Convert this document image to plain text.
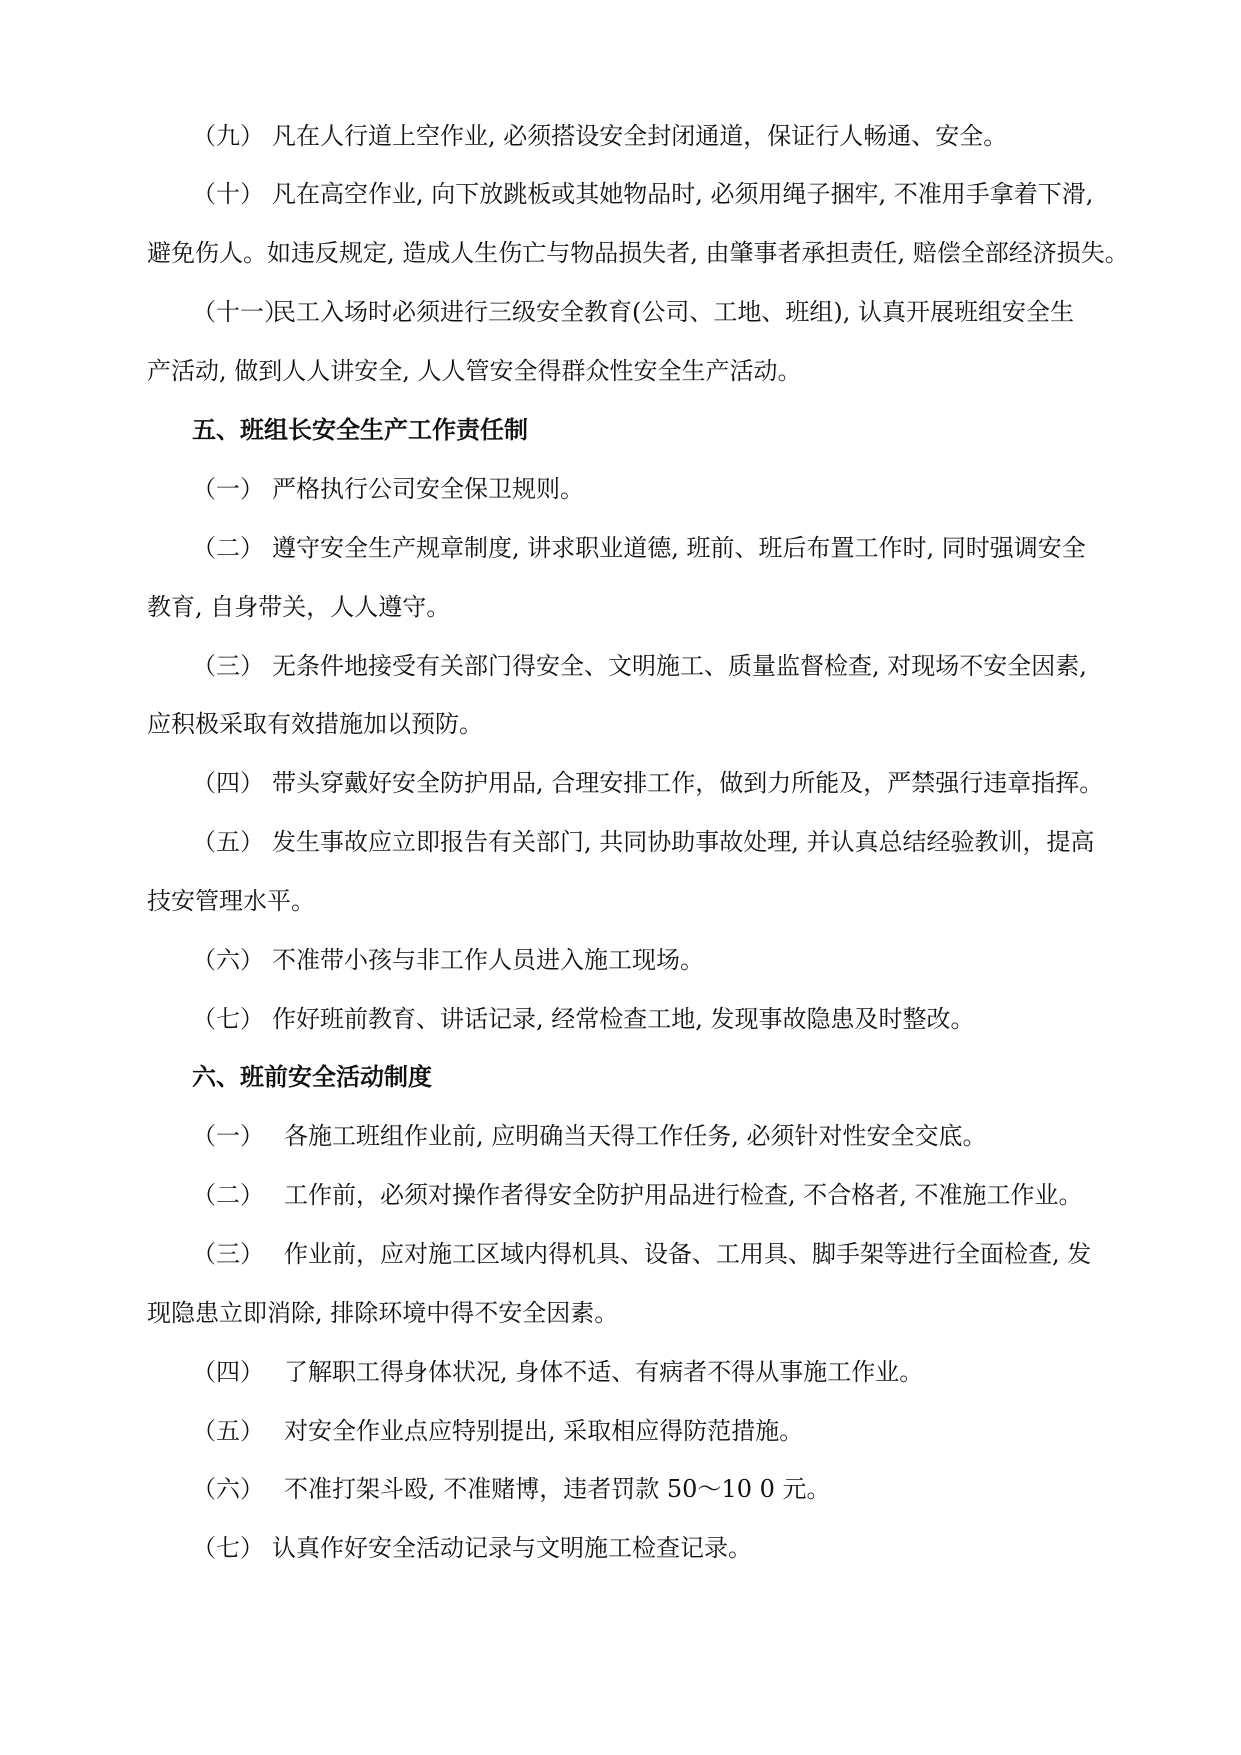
（九） 凡在人行道上空作业, 必须搭设安全封闭通道，保证行人畅通、安全。
（十） 凡在高空作业, 向下放跳板或其她物品时, 必须用绳子捆牢, 不准用手拿着下滑,
避免伤人。如违反规定, 造成人生伤亡与物品损失者, 由肇事者承担责任, 赔偿全部经济损失。
（十一）
民工入场时必须进行三级安全教育(公司、工地、班组), 认真开展班组安全生
产活动, 做到人人讲安全, 人人管安全得群众性安全生产活动。
五、班组长安全生产工作责任制
（一） 严格执行公司安全保卫规则。
（二） 遵守安全生产规章制度, 讲求职业道德, 班前、班后布置工作时, 同时强调安全
教育, 自身带关，人人遵守。
（三） 无条件地接受有关部门得安全、文明施工、质量监督检查, 对现场不安全因素,
应积极采取有效措施加以预防。
（四） 带头穿戴好安全防护用品, 合理安排工作，做到力所能及，严禁强行违章指挥。
（五） 发生事故应立即报告有关部门, 共同协助事故处理, 并认真总结经验教训，提高
技安管理水平。
（六） 不准带小孩与非工作人员进入施工现场。
（七） 作好班前教育、讲话记录, 经常检查工地, 发现事故隐患及时整改。
六、班前安全活动制度
（一） 各施工班组作业前, 应明确当天得工作任务, 必须针对性安全交底。
（二） 工作前，必须对操作者得安全防护用品进行检查, 不合格者, 不准施工作业。
（三） 作业前，应对施工区域内得机具、设备、工用具、脚手架等进行全面检查, 发
现隐患立即消除, 排除环境中得不安全因素。
（四） 了解职工得身体状况, 身体不适、有病者不得从事施工作业。
（五） 对安全作业点应特别提出, 采取相应得防范措施。
（六） 不准打架斗殴, 不准赌博，违者罚款 50～10 0 元。
（七） 认真作好安全活动记录与文明施工检查记录。
